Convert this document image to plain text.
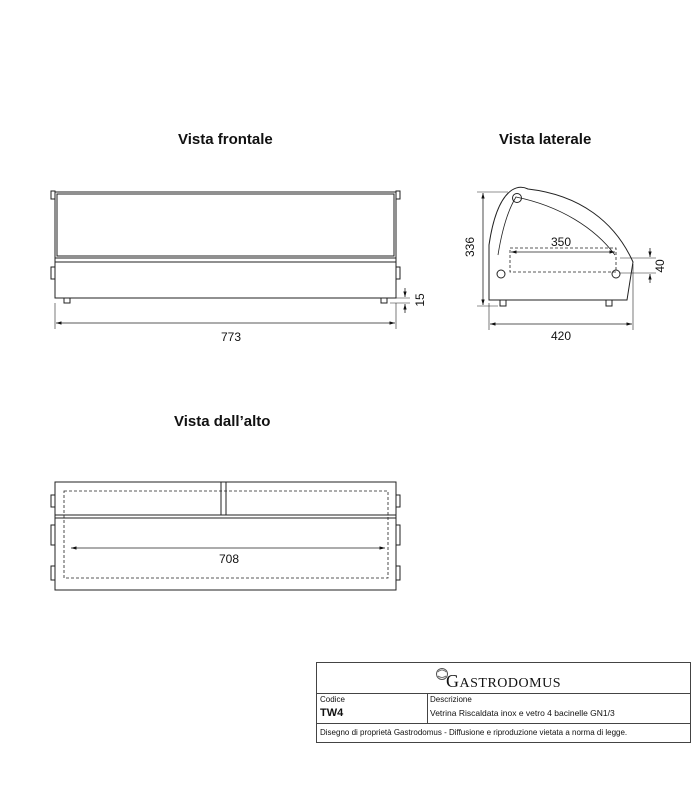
Vista frontale	Vista laterale
Vista dall’alto
773
15
336	350
40
420
708
GASTRODOMUS
Codice
TW4
Descrizione
Vetrina Riscaldata inox e vetro 4 bacinelle GN1/3
Disegno di proprietà Gastrodomus - Diffusione e riproduzione vietata a norma di legge.
